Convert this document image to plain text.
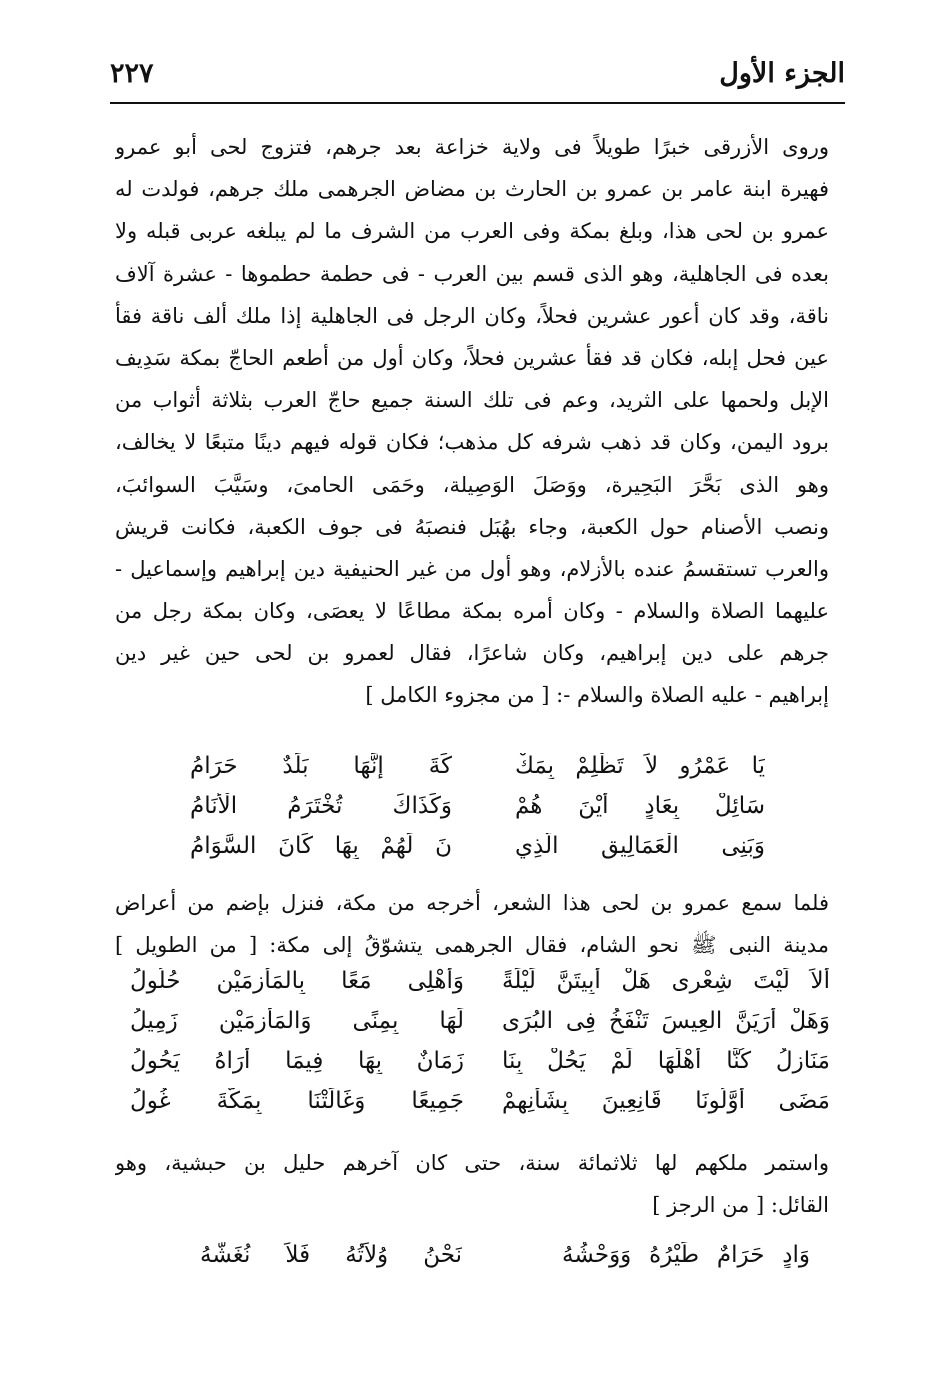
الجزء الأول
٢٢٧
وروى الأزرقى خبرًا طويلاً فى ولاية خزاعة بعد جرهم، فتزوج لحى أبو عمرو
فهيرة ابنة عامر بن عمرو بن الحارث بن مضاض الجرهمى ملك جرهم، فولدت له
عمرو بن لحى هذا، وبلغ بمكة وفى العرب من الشرف ما لم يبلغه عربى قبله ولا
بعده فى الجاهلية، وهو الذى قسم بين العرب - فى حطمة حطموها - عشرة آلاف
ناقة، وقد كان أعور عشرين فحلاً، وكان الرجل فى الجاهلية إذا ملك ألف ناقة فقأ
عين فحل إبله، فكان قد فقأ عشرين فحلاً، وكان أول من أطعم الحاجّ بمكة سَدِيف
الإبل ولحمها على الثريد، وعم فى تلك السنة جميع حاجّ العرب بثلاثة أثواب من
برود اليمن، وكان قد ذهب شرفه كل مذهب؛ فكان قوله فيهم دينًا متبعًا لا يخالف،
وهو الذى بَحَّرَ البَحِيرة، ووَصَلَ الوَصِيلة، وحَمَى الحامىَ، وسَيَّبَ السوائبَ،
ونصب الأصنام حول الكعبة، وجاء بهُبَل فنصبَهُ فى جوف الكعبة، فكانت قريش
والعرب تستقسمُ عنده بالأزلام، وهو أول من غير الحنيفية دين إبراهيم وإسماعيل -
عليهما الصلاة والسلام - وكان أمره بمكة مطاعًا لا يعصَى، وكان بمكة رجل من
جرهم على دين إبراهيم، وكان شاعرًا، فقال لعمرو بن لحى حين غير دين
إبراهيم - عليه الصلاة والسلام -: [ من مجزوء الكامل ]
يَا عَمْرُو لاَ تَظْلِمْ بِمَكْ
كَةَ إِنَّهَا بَلَدٌ حَرَامُ
سَائِلْ بِعَادٍ أَيْنَ هُمْ
وَكَذَاكَ تُخْتَرَمُ الْأَنَامُ
وَبَنِى الْعَمَالِيقِ الَّذِي
نَ لَهُمْ بِهَا كَانَ السَّوَامُ
فلما سمع عمرو بن لحى هذا الشعر، أخرجه من مكة، فنزل بإضم من أعراض
مدينة النبى ﷺ نحو الشام، فقال الجرهمى يتشوّقُ إلى مكة: [ من الطويل ]
أَلاَ لَيْتَ شِعْرِى هَلْ أَبِيتَنَّ لَيْلَةً
وَأَهْلِى مَعًا بِالمَأْزِمَيْنِ حُلُولُ
وَهَلْ أَرَيَنَّ العِيسَ تَنْفَخُ فِى البُرَى
لَهَا بِمِنًى وَالمَأْزِمَيْنِ زَمِيلُ
مَنَازِلُ كُنَّا أَهْلَهَا لَمْ يَحُلْ بِنَا
زَمَانٌ بِهَا فِيمَا أَرَاهُ يَحُولُ
مَضَى أَوَّلُونَا قَانِعِينَ بِشَأْنِهِمْ
جَمِيعًا وَغَالَتْنَا بِمَكَّةَ غُولُ
واستمر ملكهم لها ثلاثمائة سنة، حتى كان آخرهم حليل بن حبشية، وهو
القائل: [ من الرجز ]
وَادٍ حَرَامٌ طَيْرُهُ وَوَحْشُهُ
نَحْنُ وُلاَتُهُ فَلاَ نُغَشُّهُ
